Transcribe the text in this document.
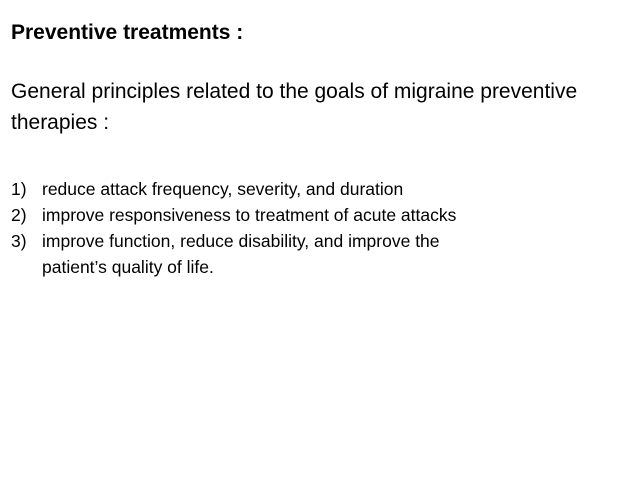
Preventive treatments :
General principles related to the goals of migraine preventive therapies :
1) reduce attack frequency, severity, and duration
2) improve responsiveness to treatment of acute attacks
3) improve function, reduce disability, and improve the
patient’s quality of life.
